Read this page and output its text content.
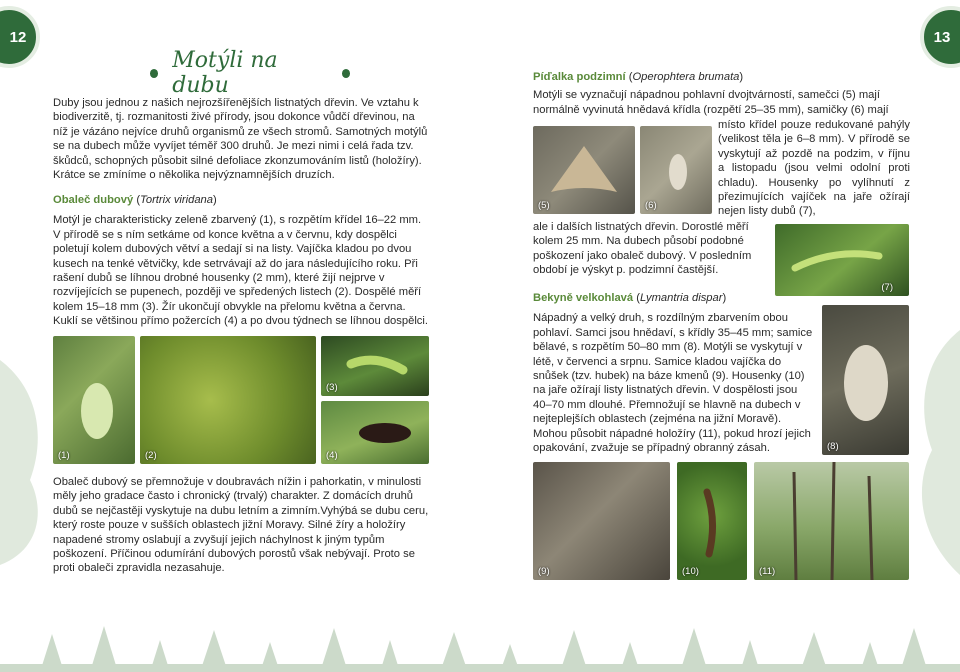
12	13
Motýli na dubu

Duby jsou jednou z našich nejrozšířenějších listnatých dřevin. Ve vztahu k biodiverzitě, tj. rozmanitosti živé přírody, jsou dokonce vůdčí dřevinou, na níž je vázáno nejvíce druhů organismů ze všech stromů. Samotných motýlů se na dubech může vyvíjet téměř 300 druhů. Je mezi nimi i celá řada tzv. škůdců, schopných působit silné defoliace zkonzumováním listů (holožíry). Krátce se zmíníme o několika nejvýznamnějších druzích.

Obaleč dubový (Tortrix viridana)

Motýl je charakteristicky zeleně zbarvený (1), s rozpětím křídel 16–22 mm. V přírodě se s ním setkáme od konce května a v červnu, kdy dospělci poletují kolem dubových větví a sedají si na listy. Vajíčka kladou po dvou kusech na tenké větvičky, kde setrvávají až do jara následujícího roku. Při rašení dubů se líhnou drobné housenky (2 mm), které žijí nejprve v rozvíjejících se pupenech, později ve spředených listech (2). Dospělé měří kolem 15–18 mm (3). Žír ukončují obvykle na přelomu května a června. Kuklí se většinou přímo požercích (4) a po dvou týdnech se líhnou dospělci.

(1)	(2)
(3)
(4)

Obaleč dubový se přemnožuje v doubravách nížin i pahorkatin, v minulosti měly jeho gradace často i chronický (trvalý) charakter. Z domácích druhů dubů se nejčastěji vyskytuje na dubu letním a zimním.Vyhýbá se dubu ceru, který roste pouze v sušších oblastech jižní Moravy. Silné žíry a holožíry napadené stromy oslabují a zvyšují jejich náchylnost k jiným typům poškození. Příčinou odumírání dubových porostů však nebývají. Proto se proti obaleči zpravidla nezasahuje.

Píďalka podzimní (Operophtera brumata)

Motýli se vyznačují nápadnou pohlavní dvojtvárností, samečci (5) mají normálně vyvinutá hnědavá křídla (rozpětí 25–35 mm), samičky (6) mají

(5)	(6)

místo křídel pouze redukované pahýly (velikost těla je 6–8 mm). V přírodě se vyskytují až pozdě na podzim, v říjnu a listopadu (jsou velmi odolní proti chladu). Housenky po vylíhnutí z přezimujících vajíček na jaře ožírají nejen listy dubů (7),

ale i dalších listnatých dřevin. Dorostlé měří kolem 25 mm. Na dubech působí podobné poškození jako obaleč dubový. V posledním období je výskyt p. podzimní častější.

(7)

Bekyně velkohlavá (Lymantria dispar)

Nápadný a velký druh, s rozdílným zbarvením obou pohlaví. Samci jsou hnědaví, s křídly 35–45 mm; samice bělavé, s rozpětím 50–80 mm (8). Motýli se vyskytují v létě, v červenci a srpnu. Samice kladou vajíčka do snůšek (tzv. hubek) na báze kmenů (9). Housenky (10) na jaře ožírají listy listnatých dřevin. V dospělosti jsou 40–70 mm dlouhé. Přemnožují se hlavně na dubech v nejteplejších oblastech (zejména na jižní Moravě). Mohou působit nápadné holožíry (11), pokud hrozí jejich opakování, zvažuje se případný obranný zásah.	(8)
(9)	(10)	(11)
